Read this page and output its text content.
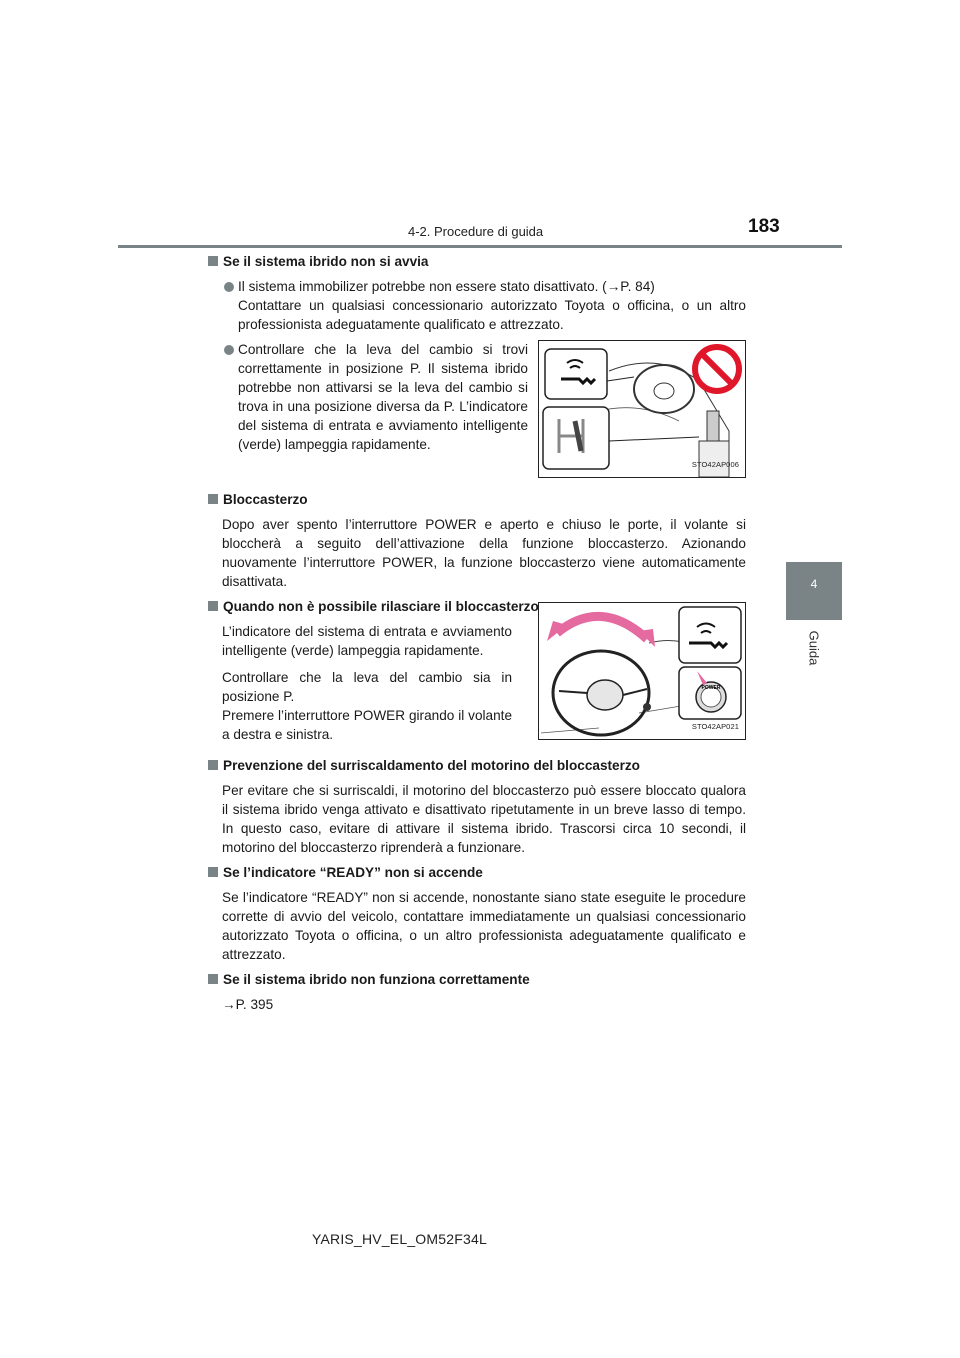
4-2. Procedure di guida	183
4
Guida
Se il sistema ibrido non si avvia
Il sistema immobilizer potrebbe non essere stato disattivato. (→P. 84)
Contattare un qualsiasi concessionario autorizzato Toyota o officina, o un altro professionista adeguatamente qualificato e attrezzato.
Controllare che la leva del cambio si trovi correttamente in posizione P. Il sistema ibrido potrebbe non attivarsi se la leva del cambio si trova in una posizione diversa da P. L’indicatore del sistema di entrata e avviamento intelligente (verde) lampeggia rapidamente.
STO42AP006
Bloccasterzo
Dopo aver spento l’interruttore POWER e aperto e chiuso le porte, il volante si bloccherà a seguito dell’attivazione della funzione bloccasterzo. Azionando nuovamente l’interruttore POWER, la funzione bloccasterzo viene automaticamente disattivata.
Quando non è possibile rilasciare il bloccasterzo
L’indicatore del sistema di entrata e avviamento intelligente (verde) lampeggia rapidamente.
Controllare che la leva del cambio sia in posizione P.
Premere l’interruttore POWER girando il volante a destra e sinistra.
POWER
STO42AP021
Prevenzione del surriscaldamento del motorino del bloccasterzo
Per evitare che si surriscaldi, il motorino del bloccasterzo può essere bloccato qualora il sistema ibrido venga attivato e disattivato ripetutamente in un breve lasso di tempo. In questo caso, evitare di attivare il sistema ibrido. Trascorsi circa 10 secondi, il motorino del bloccasterzo riprenderà a funzionare.
Se l’indicatore “READY” non si accende
Se l’indicatore “READY” non si accende, nonostante siano state eseguite le procedure corrette di avvio del veicolo, contattare immediatamente un qualsiasi concessionario autorizzato Toyota o officina, o un altro professionista adeguatamente qualificato e attrezzato.
Se il sistema ibrido non funziona correttamente
→P. 395
YARIS_HV_EL_OM52F34L
